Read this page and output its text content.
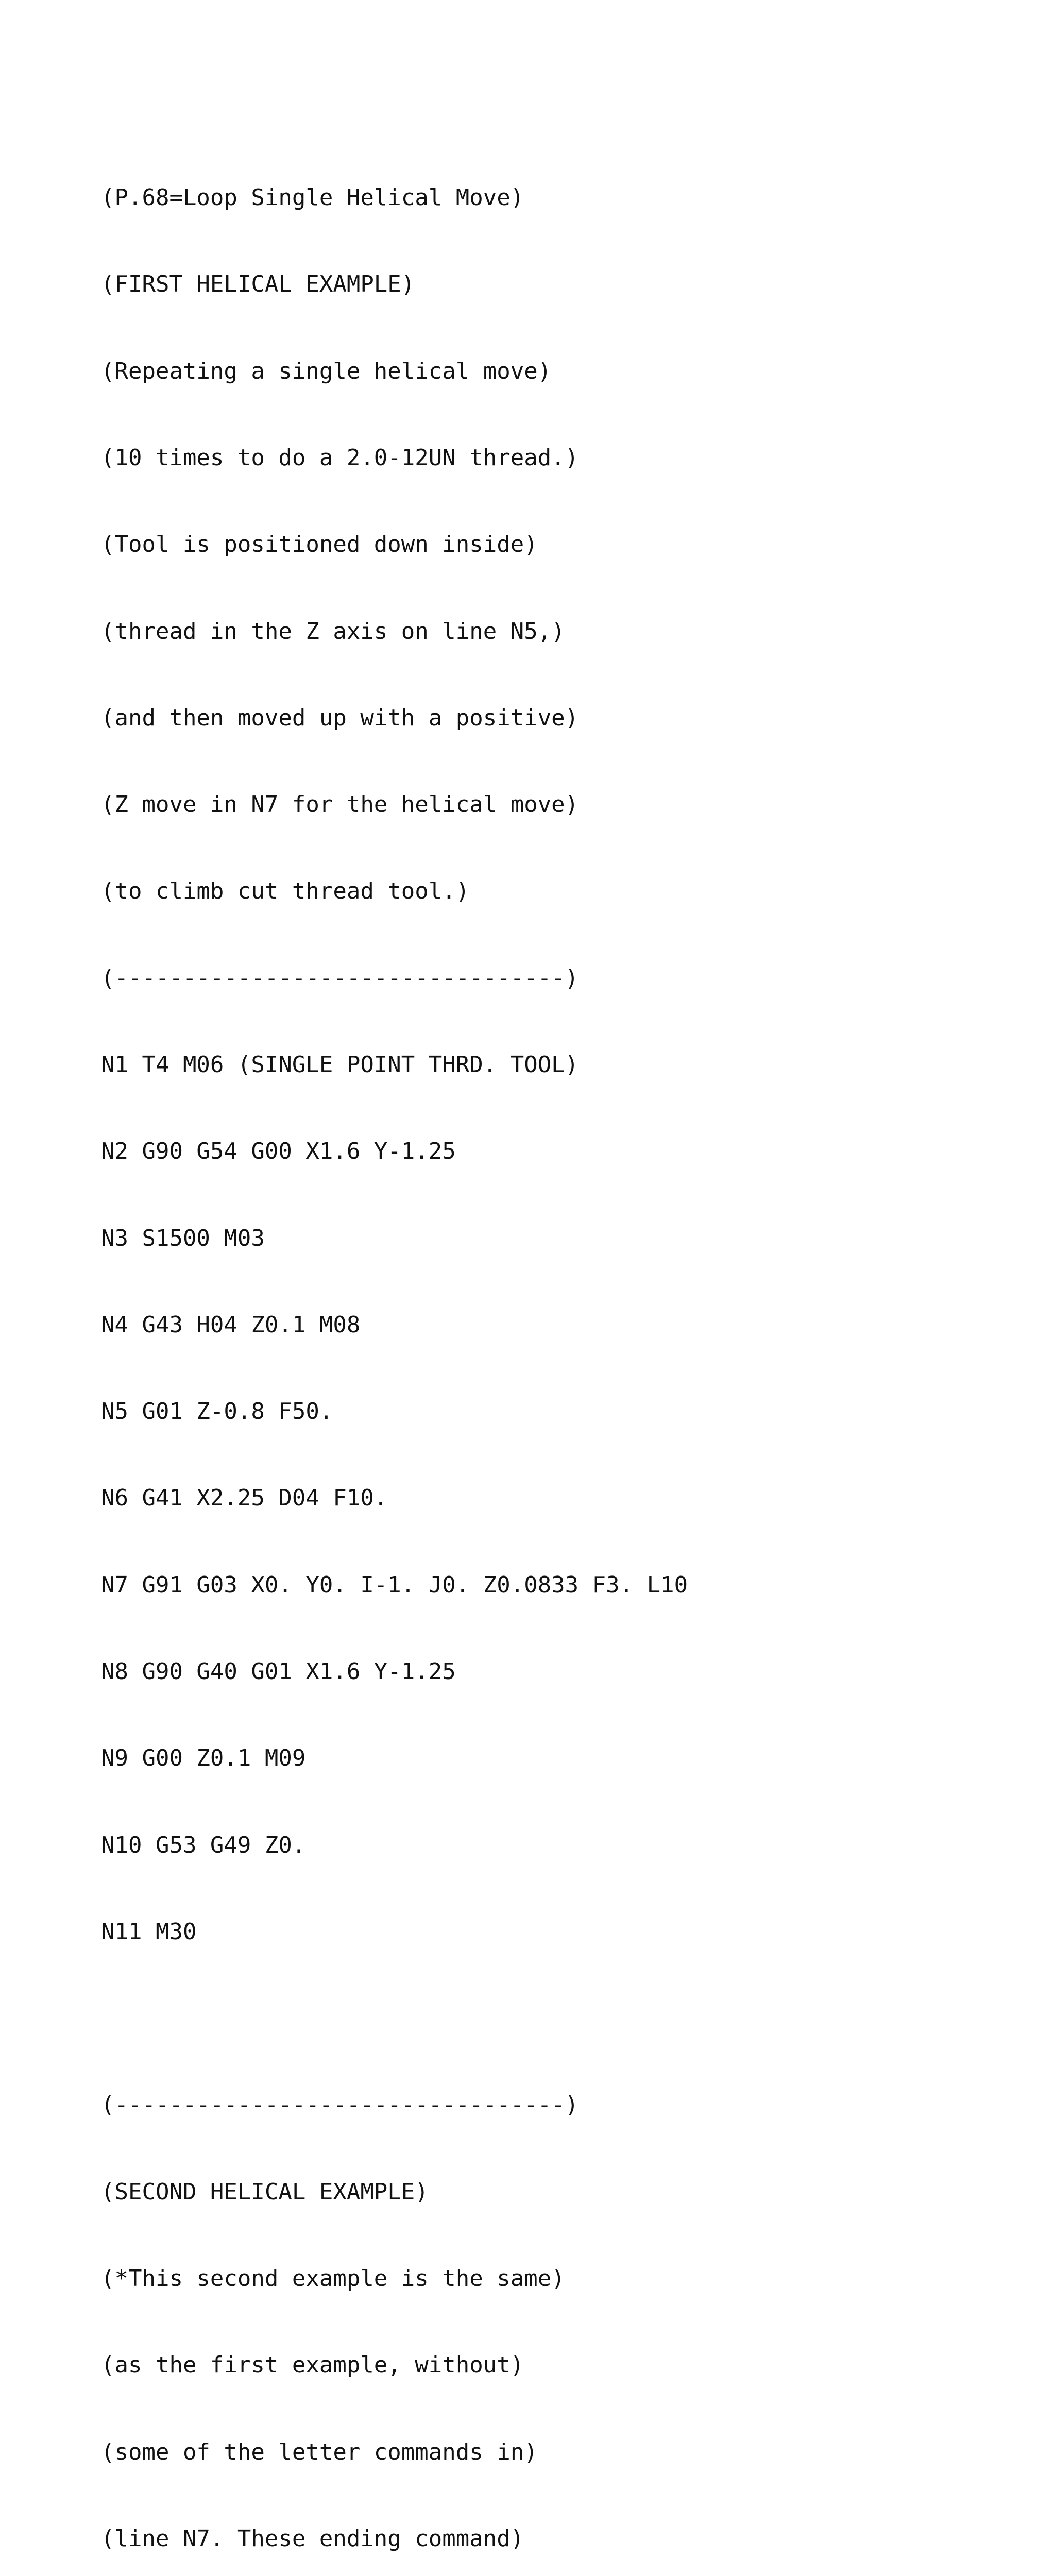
(P.68=Loop Single Helical Move)

(FIRST HELICAL EXAMPLE)

(Repeating a single helical move)

(10 times to do a 2.0-12UN thread.)

(Tool is positioned down inside)

(thread in the Z axis on line N5,)

(and then moved up with a positive)

(Z move in N7 for the helical move)

(to climb cut thread tool.)

(---------------------------------)

N1 T4 M06 (SINGLE POINT THRD. TOOL)

N2 G90 G54 G00 X1.6 Y-1.25

N3 S1500 M03

N4 G43 H04 Z0.1 M08

N5 G01 Z-0.8 F50.

N6 G41 X2.25 D04 F10.

N7 G91 G03 X0. Y0. I-1. J0. Z0.0833 F3. L10

N8 G90 G40 G01 X1.6 Y-1.25

N9 G00 Z0.1 M09

N10 G53 G49 Z0.

N11 M30

(---------------------------------)

(SECOND HELICAL EXAMPLE)

(*This second example is the same)

(as the first example, without)

(some of the letter commands in)

(line N7. These ending command)
